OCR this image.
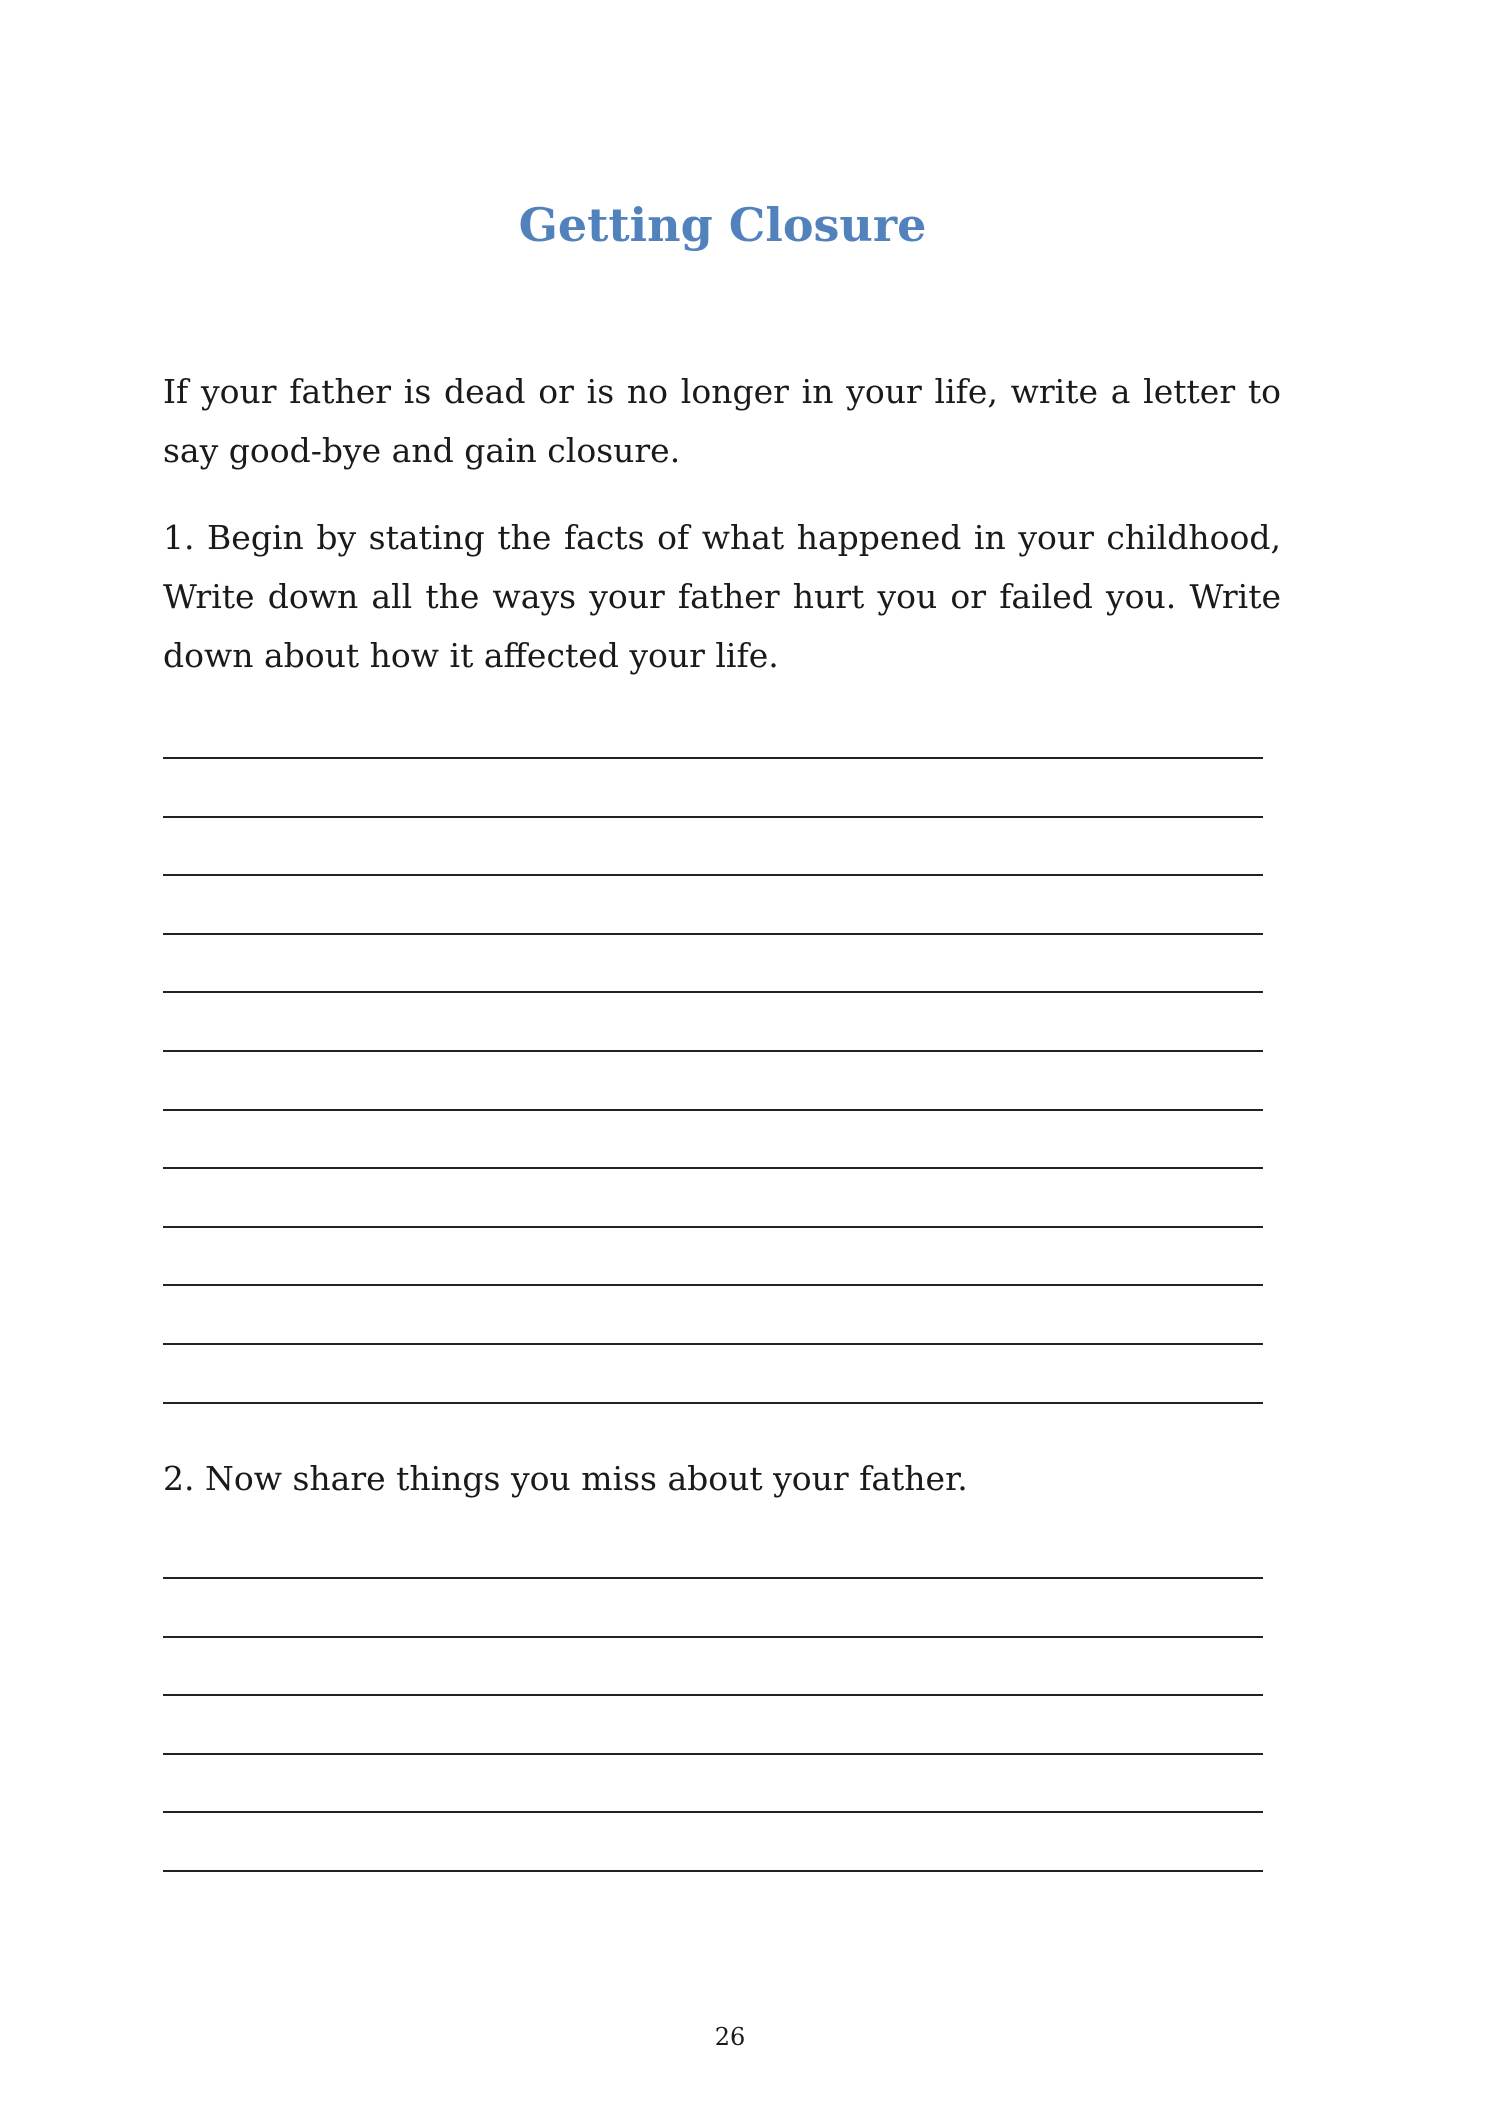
Getting Closure

If your father is dead or is no longer in your life, write a letter to say good-bye and gain closure.

1. Begin by stating the facts of what happened in your childhood, Write down all the ways your father hurt you or failed you. Write down about how it affected your life.

2. Now share things you miss about your father.

26
